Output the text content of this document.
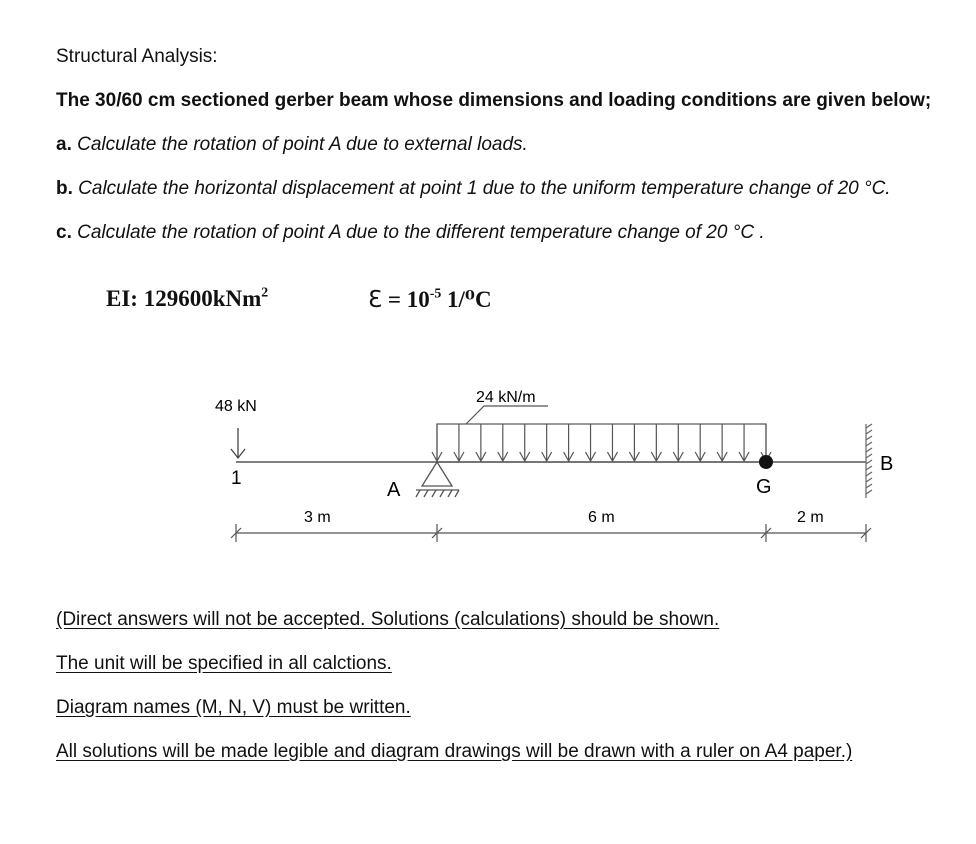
Structural Analysis:
The 30/60 cm sectioned gerber beam whose dimensions and loading conditions are given below;
a. Calculate the rotation of point A due to external loads.
b. Calculate the horizontal displacement at point 1 due to the uniform temperature change of 20 °C.
c. Calculate the rotation of point A due to the different temperature change of 20 °C .
EI: 129600kNm$^2$	Ɛ = $10^{-5}$ 1/⁰C
48 kN
1
24 kN/m
A	G
B
3 m	6 m	2 m
(Direct answers will not be accepted. Solutions (calculations) should be shown.
The unit will be specified in all calctions.
Diagram names (M, N, V) must be written.
All solutions will be made legible and diagram drawings will be drawn with a ruler on A4 paper.)
